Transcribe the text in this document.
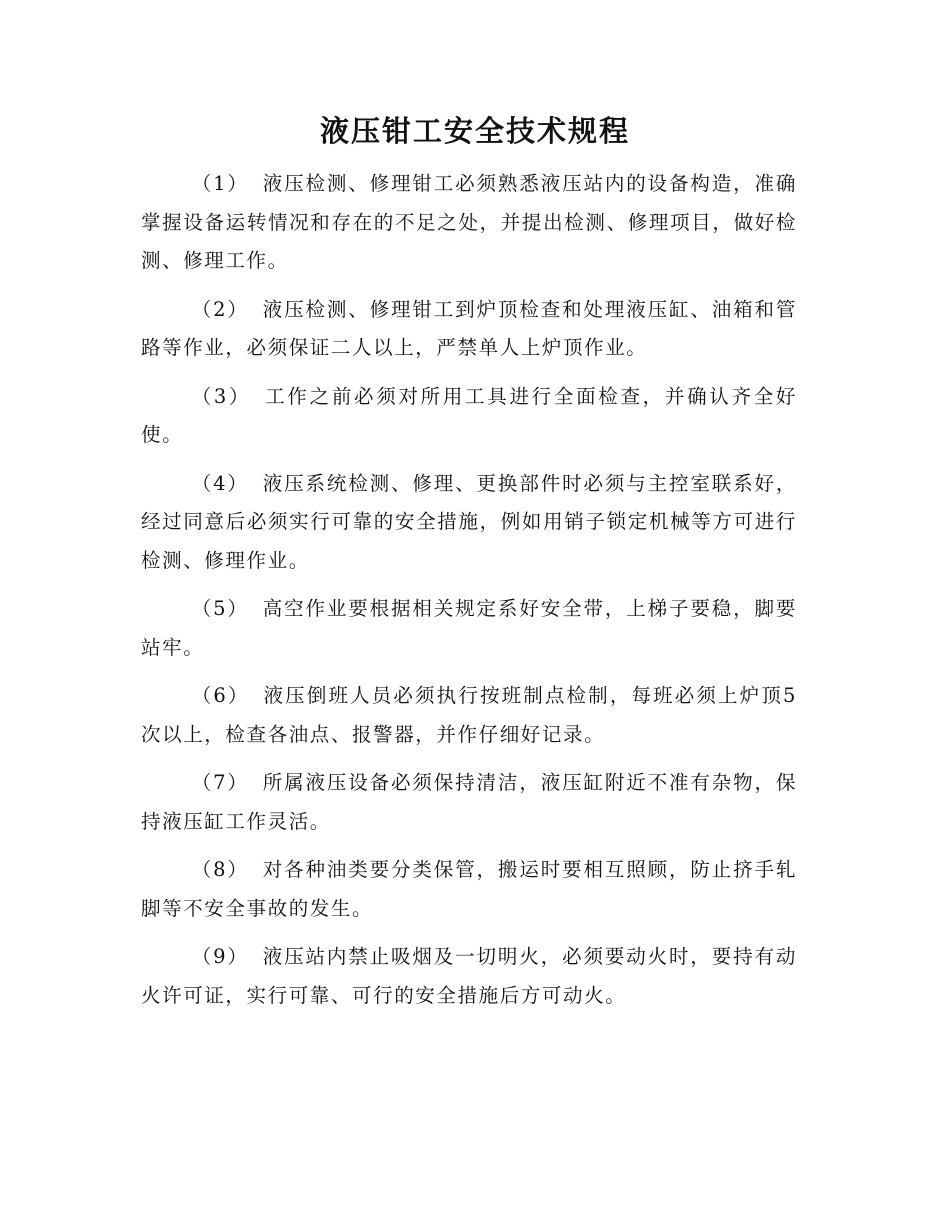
液压钳工安全技术规程

（1） 液压检测、修理钳工必须熟悉液压站内的设备构造，准确掌握设备运转情况和存在的不足之处，并提出检测、修理项目，做好检测、修理工作。

（2） 液压检测、修理钳工到炉顶检查和处理液压缸、油箱和管路等作业，必须保证二人以上，严禁单人上炉顶作业。

（3） 工作之前必须对所用工具进行全面检查，并确认齐全好使。

（4） 液压系统检测、修理、更换部件时必须与主控室联系好，经过同意后必须实行可靠的安全措施，例如用销子锁定机械等方可进行检测、修理作业。

（5） 高空作业要根据相关规定系好安全带，上梯子要稳，脚要站牢。

（6） 液压倒班人员必须执行按班制点检制，每班必须上炉顶5次以上，检查各油点、报警器，并作仔细好记录。

（7） 所属液压设备必须保持清洁，液压缸附近不准有杂物，保持液压缸工作灵活。

（8） 对各种油类要分类保管，搬运时要相互照顾，防止挤手轧脚等不安全事故的发生。

（9） 液压站内禁止吸烟及一切明火，必须要动火时，要持有动火许可证，实行可靠、可行的安全措施后方可动火。
